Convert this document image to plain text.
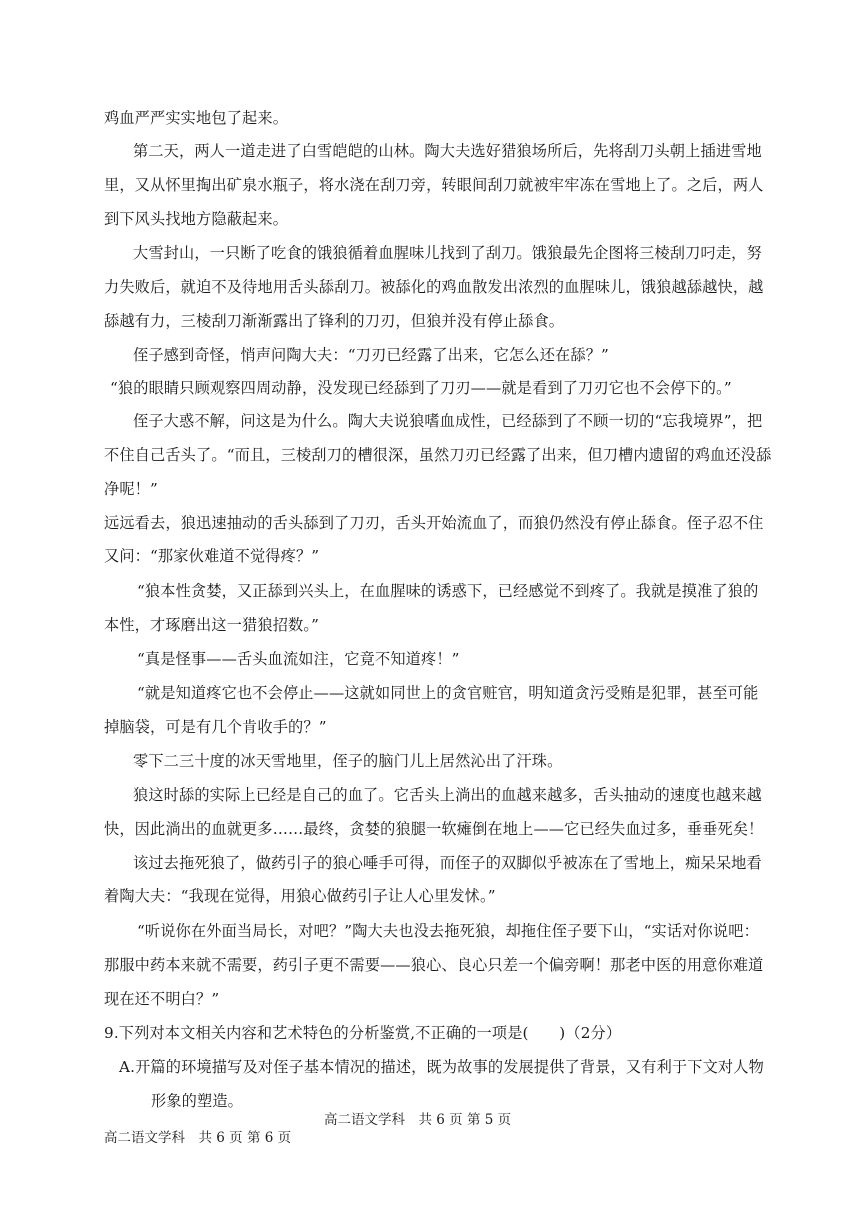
鸡血严严实实地包了起来。
第二天，两人一道走进了白雪皑皑的山林。陶大夫选好猎狼场所后，先将刮刀头朝上插进雪地
里，又从怀里掏出矿泉水瓶子，将水浇在刮刀旁，转眼间刮刀就被牢牢冻在雪地上了。之后，两人
到下风头找地方隐蔽起来。
大雪封山，一只断了吃食的饿狼循着血腥味儿找到了刮刀。饿狼最先企图将三棱刮刀叼走，努
力失败后，就迫不及待地用舌头舔刮刀。被舔化的鸡血散发出浓烈的血腥味儿，饿狼越舔越快，越
舔越有力，三棱刮刀渐渐露出了锋利的刀刃，但狼并没有停止舔食。
侄子感到奇怪，悄声问陶大夫：“刀刃已经露了出来，它怎么还在舔？”
“狼的眼睛只顾观察四周动静，没发现已经舔到了刀刃——就是看到了刀刃它也不会停下的。”
侄子大惑不解，问这是为什么。陶大夫说狼嗜血成性，已经舔到了不顾一切的“忘我境界”，把
不住自己舌头了。“而且，三棱刮刀的槽很深，虽然刀刃已经露了出来，但刀槽内遗留的鸡血还没舔
净呢！”
远远看去，狼迅速抽动的舌头舔到了刀刃，舌头开始流血了，而狼仍然没有停止舔食。侄子忍不住
又问：“那家伙难道不觉得疼？”
“狼本性贪婪，又正舔到兴头上，在血腥味的诱惑下，已经感觉不到疼了。我就是摸准了狼的
本性，才琢磨出这一猎狼招数。”
“真是怪事——舌头血流如注，它竟不知道疼！”
“就是知道疼它也不会停止——这就如同世上的贪官赃官，明知道贪污受贿是犯罪，甚至可能
掉脑袋，可是有几个肯收手的？”
零下二三十度的冰天雪地里，侄子的脑门儿上居然沁出了汗珠。
狼这时舔的实际上已经是自己的血了。它舌头上淌出的血越来越多，舌头抽动的速度也越来越
快，因此淌出的血就更多……最终，贪婪的狼腿一软瘫倒在地上——它已经失血过多，垂垂死矣！
该过去拖死狼了，做药引子的狼心唾手可得，而侄子的双脚似乎被冻在了雪地上，痴呆呆地看
着陶大夫：“我现在觉得，用狼心做药引子让人心里发怵。”
“听说你在外面当局长，对吧？”陶大夫也没去拖死狼，却拖住侄子要下山，“实话对你说吧：
那服中药本来就不需要，药引子更不需要——狼心、良心只差一个偏旁啊！那老中医的用意你难道
现在还不明白？”
9.下列对本文相关内容和艺术特色的分析鉴赏,不正确的一项是(　　)（2分）
A.开篇的环境描写及对侄子基本情况的描述，既为故事的发展提供了背景，又有利于下文对人物
形象的塑造。
高二语文学科　共 6 页 第 5 页
高二语文学科　共 6 页 第 6 页
